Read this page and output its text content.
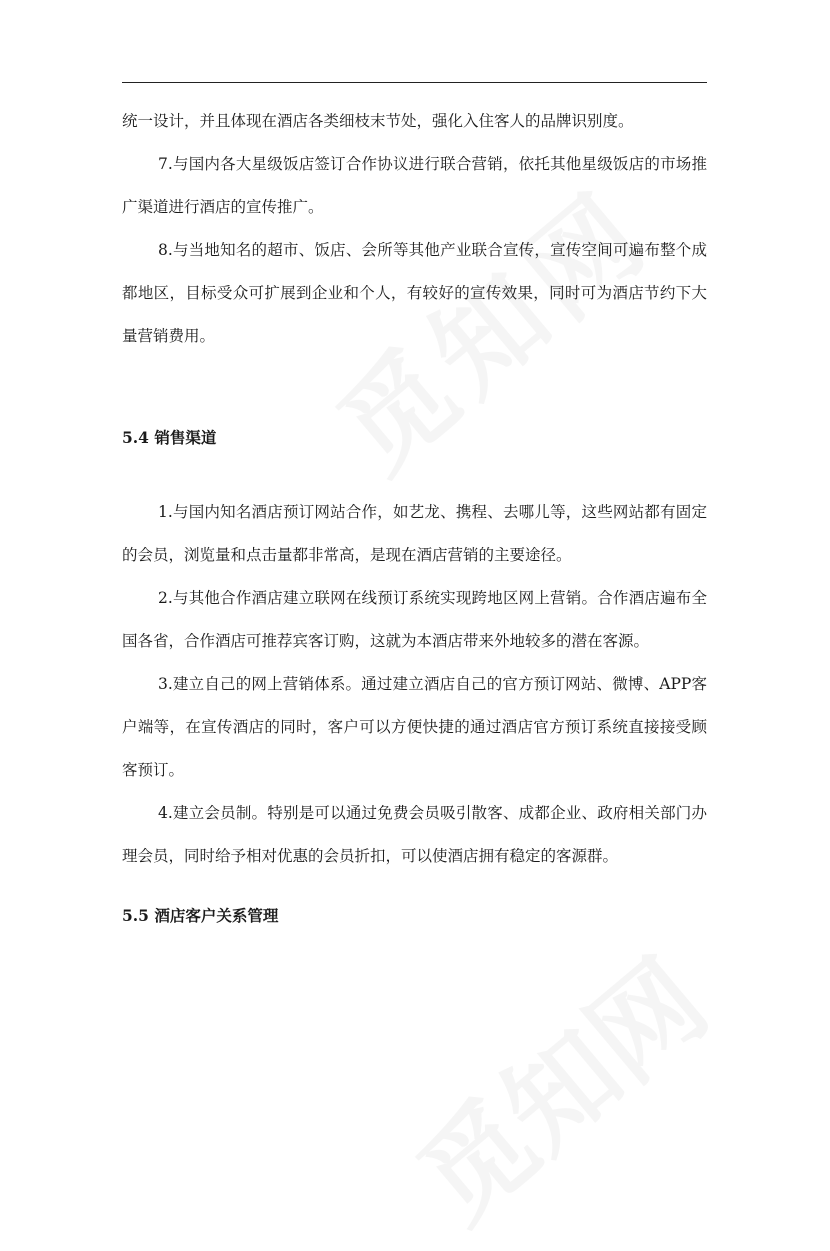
统一设计，并且体现在酒店各类细枝末节处，强化入住客人的品牌识别度。

7.与国内各大星级饭店签订合作协议进行联合营销，依托其他星级饭店的市场推广渠道进行酒店的宣传推广。

8.与当地知名的超市、饭店、会所等其他产业联合宣传，宣传空间可遍布整个成都地区，目标受众可扩展到企业和个人，有较好的宣传效果，同时可为酒店节约下大量营销费用。

5.4 销售渠道

1.与国内知名酒店预订网站合作，如艺龙、携程、去哪儿等，这些网站都有固定的会员，浏览量和点击量都非常高，是现在酒店营销的主要途径。

2.与其他合作酒店建立联网在线预订系统实现跨地区网上营销。合作酒店遍布全国各省，合作酒店可推荐宾客订购，这就为本酒店带来外地较多的潜在客源。

3.建立自己的网上营销体系。通过建立酒店自己的官方预订网站、微博、APP客户端等，在宣传酒店的同时，客户可以方便快捷的通过酒店官方预订系统直接接受顾客预订。

4.建立会员制。特别是可以通过免费会员吸引散客、成都企业、政府相关部门办理会员，同时给予相对优惠的会员折扣，可以使酒店拥有稳定的客源群。

5.5 酒店客户关系管理
